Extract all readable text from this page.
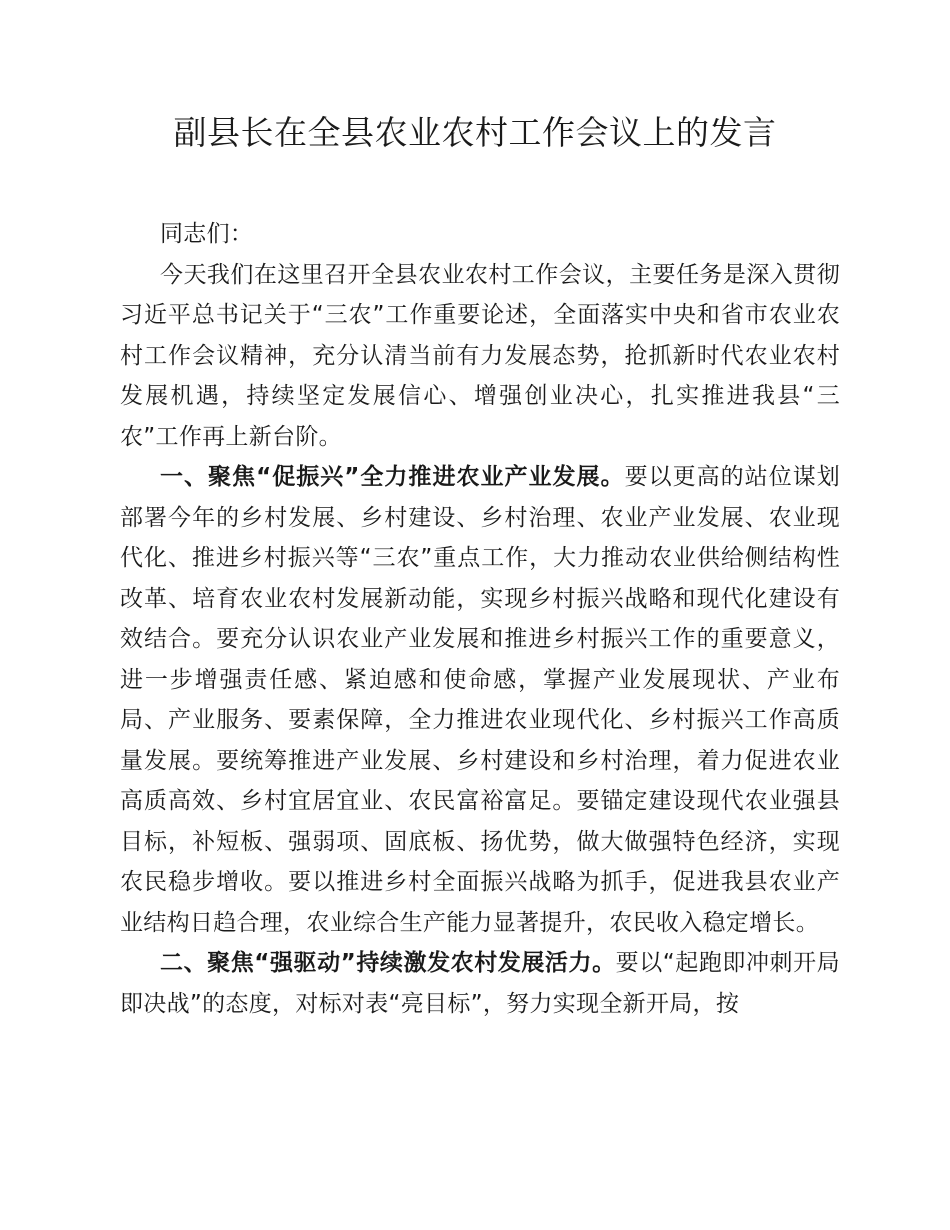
副县长在全县农业农村工作会议上的发言

同志们：

今天我们在这里召开全县农业农村工作会议，主要任务是深入贯彻习近平总书记关于“三农”工作重要论述，全面落实中央和省市农业农村工作会议精神，充分认清当前有力发展态势，抢抓新时代农业农村发展机遇，持续坚定发展信心、增强创业决心，扎实推进我县“三农”工作再上新台阶。

一、聚焦“促振兴”全力推进农业产业发展。要以更高的站位谋划部署今年的乡村发展、乡村建设、乡村治理、农业产业发展、农业现代化、推进乡村振兴等“三农”重点工作，大力推动农业供给侧结构性改革、培育农业农村发展新动能，实现乡村振兴战略和现代化建设有效结合。要充分认识农业产业发展和推进乡村振兴工作的重要意义，进一步增强责任感、紧迫感和使命感，掌握产业发展现状、产业布局、产业服务、要素保障，全力推进农业现代化、乡村振兴工作高质量发展。要统筹推进产业发展、乡村建设和乡村治理，着力促进农业高质高效、乡村宜居宜业、农民富裕富足。要锚定建设现代农业强县目标，补短板、强弱项、固底板、扬优势，做大做强特色经济，实现农民稳步增收。要以推进乡村全面振兴战略为抓手，促进我县农业产业结构日趋合理，农业综合生产能力显著提升，农民收入稳定增长。

二、聚焦“强驱动”持续激发农村发展活力。要以“起跑即冲刺开局即决战”的态度，对标对表“亮目标”，努力实现全新开局，按
